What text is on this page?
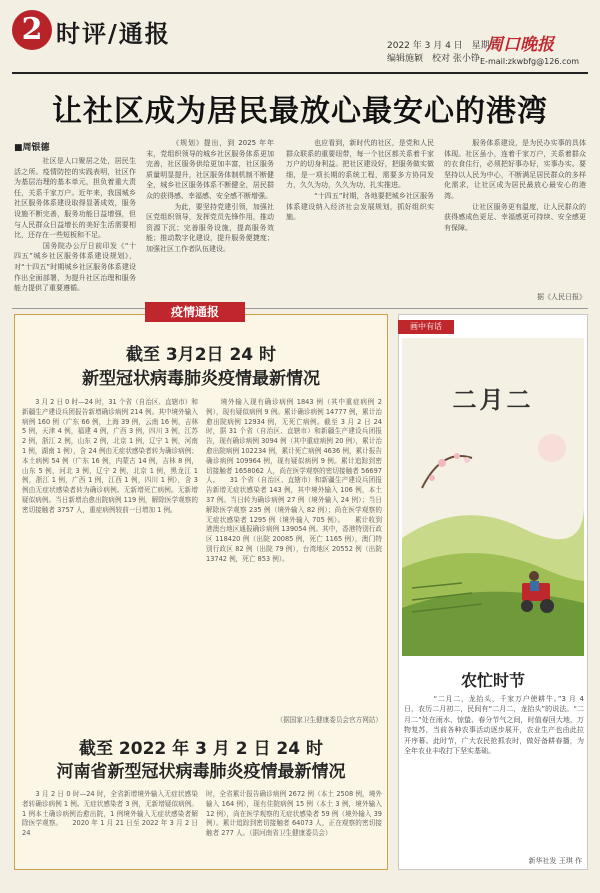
2 时评/通报	2022 年 3 月 4 日　星期五
编辑施颖　校对 张小铮
周口晚报
E-mail:zkwbfg@126.com
让社区成为居民最放心最安心的港湾
■周银德

　　社区是人口聚居之处，居民生活之所。疫情防控的实践表明，社区作为基层治理的基本单元，担负着重大责任，关系千家万户。近年来，我国城乡社区服务体系建设取得显著成效，服务设施不断完善，服务功能日益增强，但与人民群众日益增长的美好生活需要相比，还存在一些短板和不足。

　　国务院办公厅日前印发《“十四五”城乡社区服务体系建设规划》，对“十四五”时期城乡社区服务体系建设作出全面部署，为提升社区治理和服务能力提供了重要遵循。

　　《规划》提出，到 2025 年年末，党组织领导的城乡社区服务体系更加完善，社区服务供给更加丰富，社区服务质量明显提升，社区服务体制机制不断健全，城乡社区服务体系不断健全，居民群众的获得感、幸福感、安全感不断增强。

　　为此，要坚持党建引领，加强社区党组织领导，发挥党员先锋作用，推动资源下沉；完善服务设施，提高服务效能；推动数字化建设，提升服务便捷度；加强社区工作者队伍建设。

　　也应看到，新时代的社区，是党和人民群众联系的重要纽带，每一个社区都关系着千家万户的切身利益。把社区建设好，把服务做实做细，是一项长期的系统工程，需要多方协同发力，久久为功，久久为功，扎实推进。

　　“十四五”时期，各地要把城乡社区服务体系建设纳入经济社会发展规划，抓好组织实施。

　　服务体系建设，是为民办实事的具体体现。社区虽小，连着千家万户，关系着群众的衣食住行，必须把好事办好，实事办实。要坚持以人民为中心，不断满足居民群众的多样化需求，让社区成为居民最放心最安心的港湾。

　　让社区服务更有温度，让人民群众的获得感成色更足、幸福感更可持续、安全感更有保障。

据《人民日报》
疫情通报
截至 3月2日 24 时
新型冠状病毒肺炎疫情最新情况
　　3 月 2 日 0 时—24 时，31 个省（自治区、直辖市）和新疆生产建设兵团报告新增确诊病例 214 例。其中境外输入病例 160 例（广东 66 例，上海 39 例，云南 16 例，吉林 5 例，天津 4 例，福建 4 例，广西 3 例，四川 3 例，江苏 2 例，浙江 2 例，山东 2 例，北京 1 例，辽宁 1 例，河南 1 例，湖南 1 例），含 24 例由无症状感染者转为确诊病例；本土病例 54 例（广东 16 例，内蒙古 14 例，吉林 8 例，山东 5 例，河北 3 例，辽宁 2 例，北京 1 例，黑龙江 1 例，浙江 1 例，广西 1 例，江西 1 例，四川 1 例），含 3 例由无症状感染者转为确诊病例。无新增死亡病例。无新增疑似病例。当日新增治愈出院病例 119 例，解除医学观察的密切接触者 3757 人，重症病例较前一日增加 1 例。
　　境外输入现有确诊病例 1843 例（其中重症病例 2 例），现有疑似病例 9 例。累计确诊病例 14777 例，累计治愈出院病例 12934 例，无死亡病例。截至 3 月 2 日 24 时，据 31 个省（自治区、直辖市）和新疆生产建设兵团报告，现有确诊病例 3094 例（其中重症病例 20 例），累计治愈出院病例 102234 例，累计死亡病例 4636 例，累计报告确诊病例 109964 例，现有疑似病例 9 例。累计追踪到密切接触者 1658062 人，尚在医学观察的密切接触者 56697 人。　　31 个省（自治区、直辖市）和新疆生产建设兵团报告新增无症状感染者 143 例，其中境外输入 106 例，本土 37 例。当日转为确诊病例 27 例（境外输入 24 例）；当日解除医学观察 235 例（境外输入 82 例）；尚在医学观察的无症状感染者 1295 例（境外输入 705 例）。　　累计收到港澳台地区通报确诊病例 139054 例。其中，香港特别行政区 118420 例（出院 20085 例，死亡 1165 例），澳门特别行政区 82 例（出院 79 例），台湾地区 20552 例（出院 13742 例，死亡 853 例）。
（据国家卫生健康委员会官方网站）
截至 2022 年 3 月 2 日 24 时
河南省新型冠状病毒肺炎疫情最新情况
　　3 月 2 日 0 时—24 时，全省新增境外输入无症状感染者转确诊病例 1 例。无症状感染者 3 例，无新增疑似病例。1 例本土确诊病例治愈出院，1 例境外输入无症状感染者解除医学观察。　　2020 年 1 月 21 日至 2022 年 3 月 2 日 24
时，全省累计报告确诊病例 2672 例（本土 2508 例，境外输入 164 例），现有住院病例 15 例（本土 3 例，境外输入 12 例），尚在医学观察的无症状感染者 59 例（境外输入 39 例）。累计追踪到密切接触者 64073 人，正在观察的密切接触者 277 人。（据河南省卫生健康委员会）
画中有话
二月二
农忙时节

　　“二月二，龙抬头，千家万户使耕牛。”3 月 4 日，农历二月初二，民间有“二月二，龙抬头”的说法。“二月二”处在雨水、惊蛰、春分节气之间，时值春回大地，万物复苏，当前各种农事活动逐步展开，农业生产也由此拉开序幕。此时节，广大农民抢抓农时，做好备耕春播，为全年农业丰收打下坚实基础。

新华社发 王琪 作
